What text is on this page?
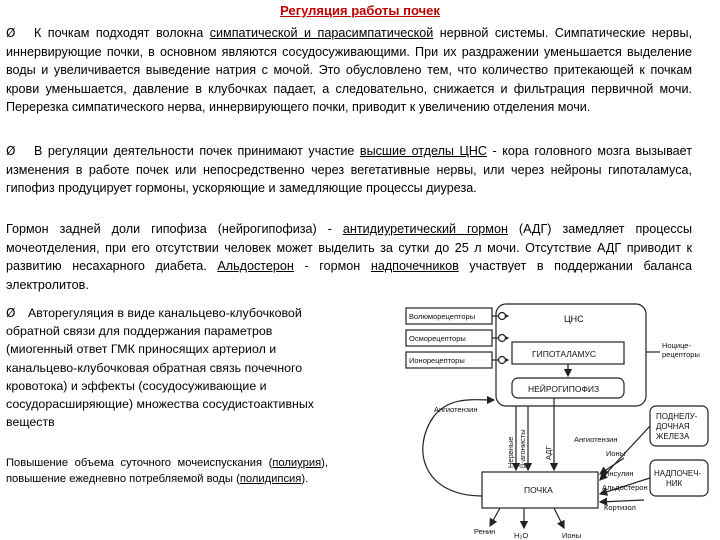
Регуляция работы почек
Ø К почкам подходят волокна симпатической и парасимпатической нервной системы. Симпатические нервы, иннервирующие почки, в основном являются сосудосуживающими. При их раздражении уменьшается выделение воды и увеличивается выведение натрия с мочой. Это обусловлено тем, что количество притекающей к почкам крови уменьшается, давление в клубочках падает, а следовательно, снижается и фильтрация первичной мочи. Перерезка симпатического нерва, иннервирующего почки, приводит к увеличению отделения мочи.
Ø В регуляции деятельности почек принимают участие высшие отделы ЦНС - кора головного мозга вызывает изменения в работе почек или непосредственно через вегетативные нервы, или через нейроны гипоталамуса, гипофиз продуцирует гормоны, ускоряющие и замедляющие процессы диуреза.
Гормон задней доли гипофиза (нейрогипофиза) - антидиуретический гормон (АДГ) замедляет процессы мочеотделения, при его отсутствии человек может выделить за сутки до 25 л мочи. Отсутствие АДГ приводит к развитию несахарного диабета. Альдостерон - гормон надпочечников участвует в поддержании баланса электролитов.
Ø Авторегуляция в виде канальцево-клубочковой обратной связи для поддержания параметров (миогенный ответ ГМК приносящих артериол и канальцево-клубочковая обратная связь почечного кровотока) и эффекты (сосудосуживающие и сосудорасширяющие) множества сосудистоактивных веществ
Повышение объема суточного мочеиспускания (полиурия), повышение ежедневно потребляемой воды (полидипсия).
Волюморецепторы
Осморецепторы
Ионорецепторы
ЦНС
ГИПОТАЛАМУС
НЕЙРОГИПОФИЗ
Ноцице-
рецепторы
ПОЧКА
Ангиотензин
Ангиотензин
Нервные β-агонисты АДГ
ПОДНЕЛУ-
ДОЧНАЯ
ЖЕЛЕЗА
НАДПОЧЕЧ-
НИК
Ионы
Инсулин
Альдостерон
Кортизол
Ренин Н₂О	Ионы
